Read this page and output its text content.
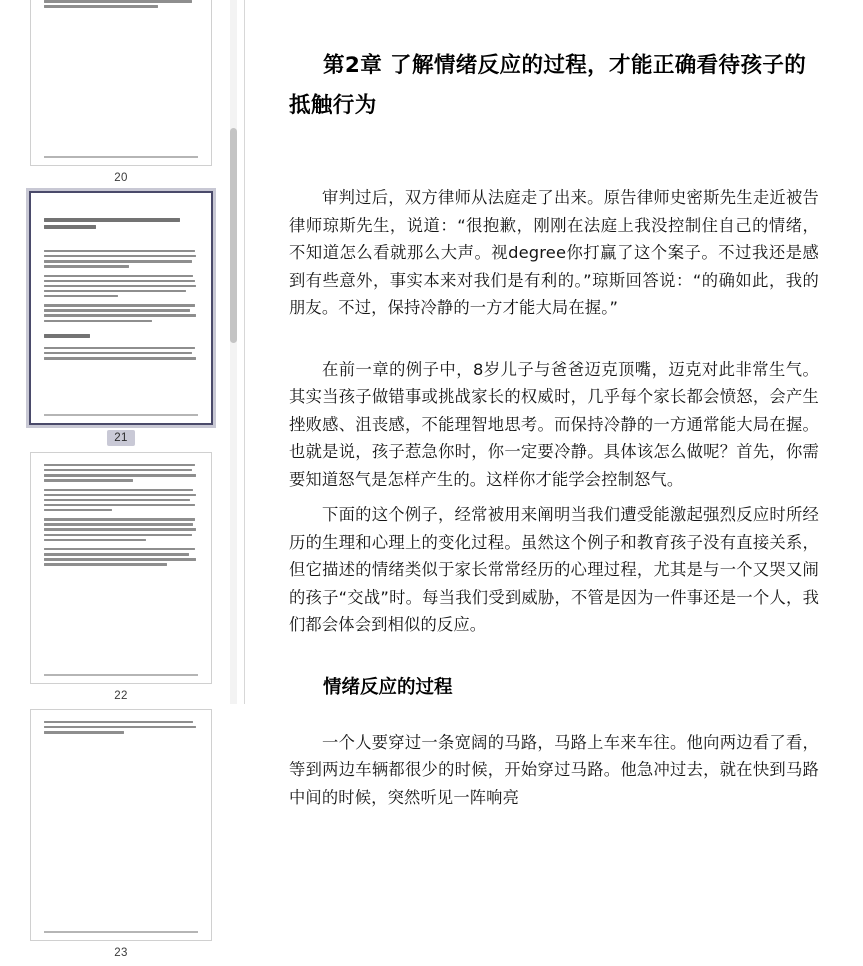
20
21
22
23
第2章 了解情绪反应的过程，才能正确看待孩子的抵触行为

审判过后，双方律师从法庭走了出来。原告律师史密斯先生走近被告律师琼斯先生，说道：“很抱歉，刚刚在法庭上我没控制住自己的情绪，不知道怎么看就那么大声。视degree你打赢了这个案子。不过我还是感到有些意外，事实本来对我们是有利的。”琼斯回答说：“的确如此，我的朋友。不过，保持冷静的一方才能大局在握。”

在前一章的例子中，8岁儿子与爸爸迈克顶嘴，迈克对此非常生气。其实当孩子做错事或挑战家长的权威时，几乎每个家长都会愤怒，会产生挫败感、沮丧感，不能理智地思考。而保持冷静的一方通常能大局在握。也就是说，孩子惹急你时，你一定要冷静。具体该怎么做呢？首先，你需要知道怒气是怎样产生的。这样你才能学会控制怒气。

下面的这个例子，经常被用来阐明当我们遭受能激起强烈反应时所经历的生理和心理上的变化过程。虽然这个例子和教育孩子没有直接关系，但它描述的情绪类似于家长常常经历的心理过程，尤其是与一个又哭又闹的孩子“交战”时。每当我们受到威胁，不管是因为一件事还是一个人，我们都会体会到相似的反应。

情绪反应的过程

一个人要穿过一条宽阔的马路，马路上车来车往。他向两边看了看，等到两边车辆都很少的时候，开始穿过马路。他急冲过去，就在快到马路中间的时候，突然听见一阵响亮
